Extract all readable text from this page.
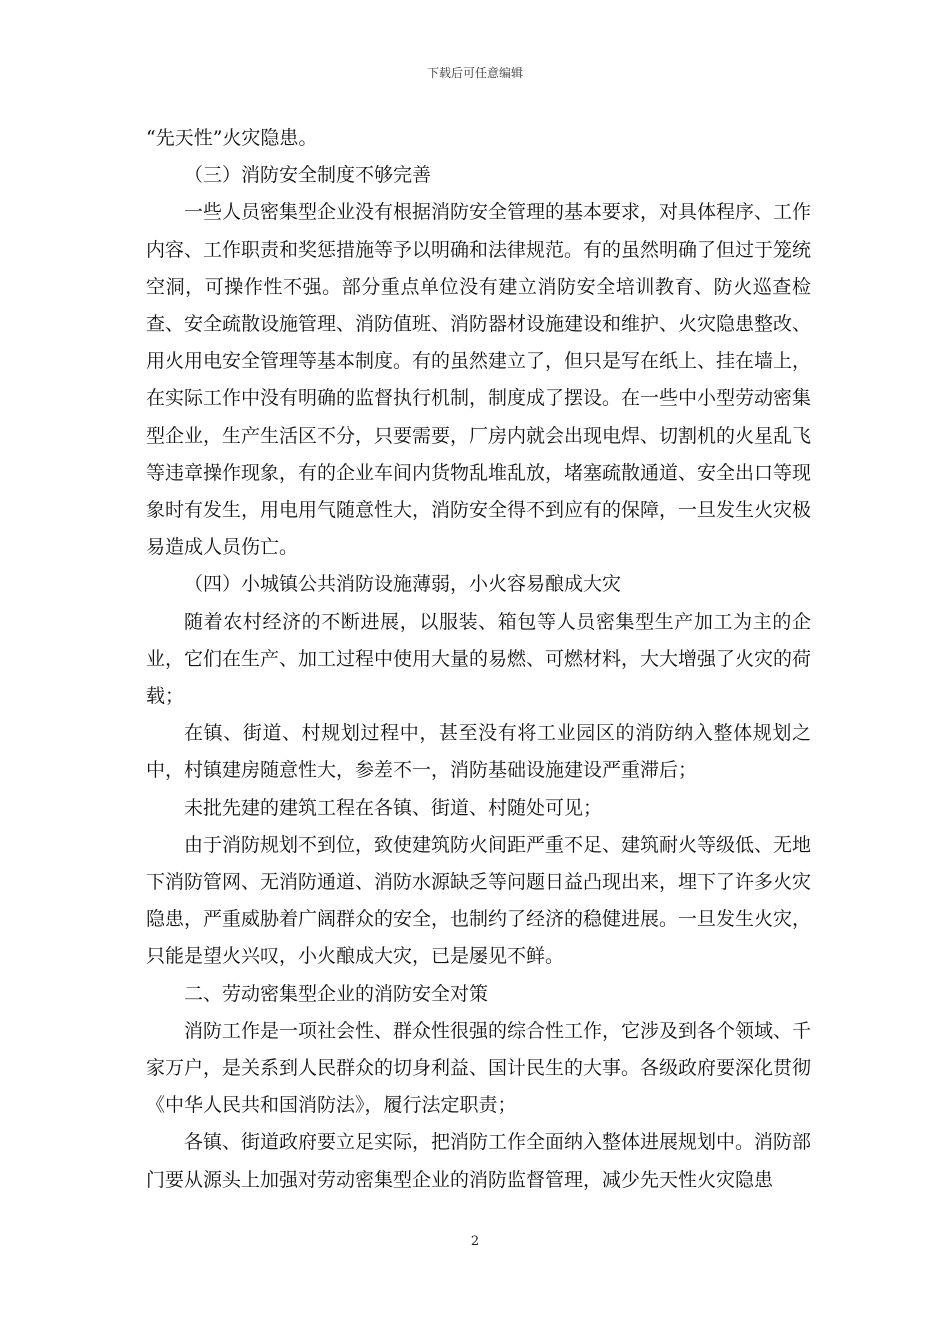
下载后可任意编辑

“先天性”火灾隐患。

（三）消防安全制度不够完善

一些人员密集型企业没有根据消防安全管理的基本要求，对具体程序、工作内容、工作职责和奖惩措施等予以明确和法律规范。有的虽然明确了但过于笼统空洞，可操作性不强。部分重点单位没有建立消防安全培训教育、防火巡查检查、安全疏散设施管理、消防值班、消防器材设施建设和维护、火灾隐患整改、用火用电安全管理等基本制度。有的虽然建立了，但只是写在纸上、挂在墙上，在实际工作中没有明确的监督执行机制，制度成了摆设。在一些中小型劳动密集型企业，生产生活区不分，只要需要，厂房内就会出现电焊、切割机的火星乱飞等违章操作现象，有的企业车间内货物乱堆乱放，堵塞疏散通道、安全出口等现象时有发生，用电用气随意性大，消防安全得不到应有的保障，一旦发生火灾极易造成人员伤亡。

（四）小城镇公共消防设施薄弱，小火容易酿成大灾

随着农村经济的不断进展，以服装、箱包等人员密集型生产加工为主的企业，它们在生产、加工过程中使用大量的易燃、可燃材料，大大增强了火灾的荷载；

在镇、街道、村规划过程中，甚至没有将工业园区的消防纳入整体规划之中，村镇建房随意性大，参差不一，消防基础设施建设严重滞后；

未批先建的建筑工程在各镇、街道、村随处可见；

由于消防规划不到位，致使建筑防火间距严重不足、建筑耐火等级低、无地下消防管网、无消防通道、消防水源缺乏等问题日益凸现出来，埋下了许多火灾隐患，严重威胁着广阔群众的安全，也制约了经济的稳健进展。一旦发生火灾，只能是望火兴叹，小火酿成大灾，已是屡见不鲜。

二、劳动密集型企业的消防安全对策

消防工作是一项社会性、群众性很强的综合性工作，它涉及到各个领域、千家万户，是关系到人民群众的切身利益、国计民生的大事。各级政府要深化贯彻《中华人民共和国消防法》，履行法定职责；

各镇、街道政府要立足实际，把消防工作全面纳入整体进展规划中。消防部门要从源头上加强对劳动密集型企业的消防监督管理，减少先天性火灾隐患

2
